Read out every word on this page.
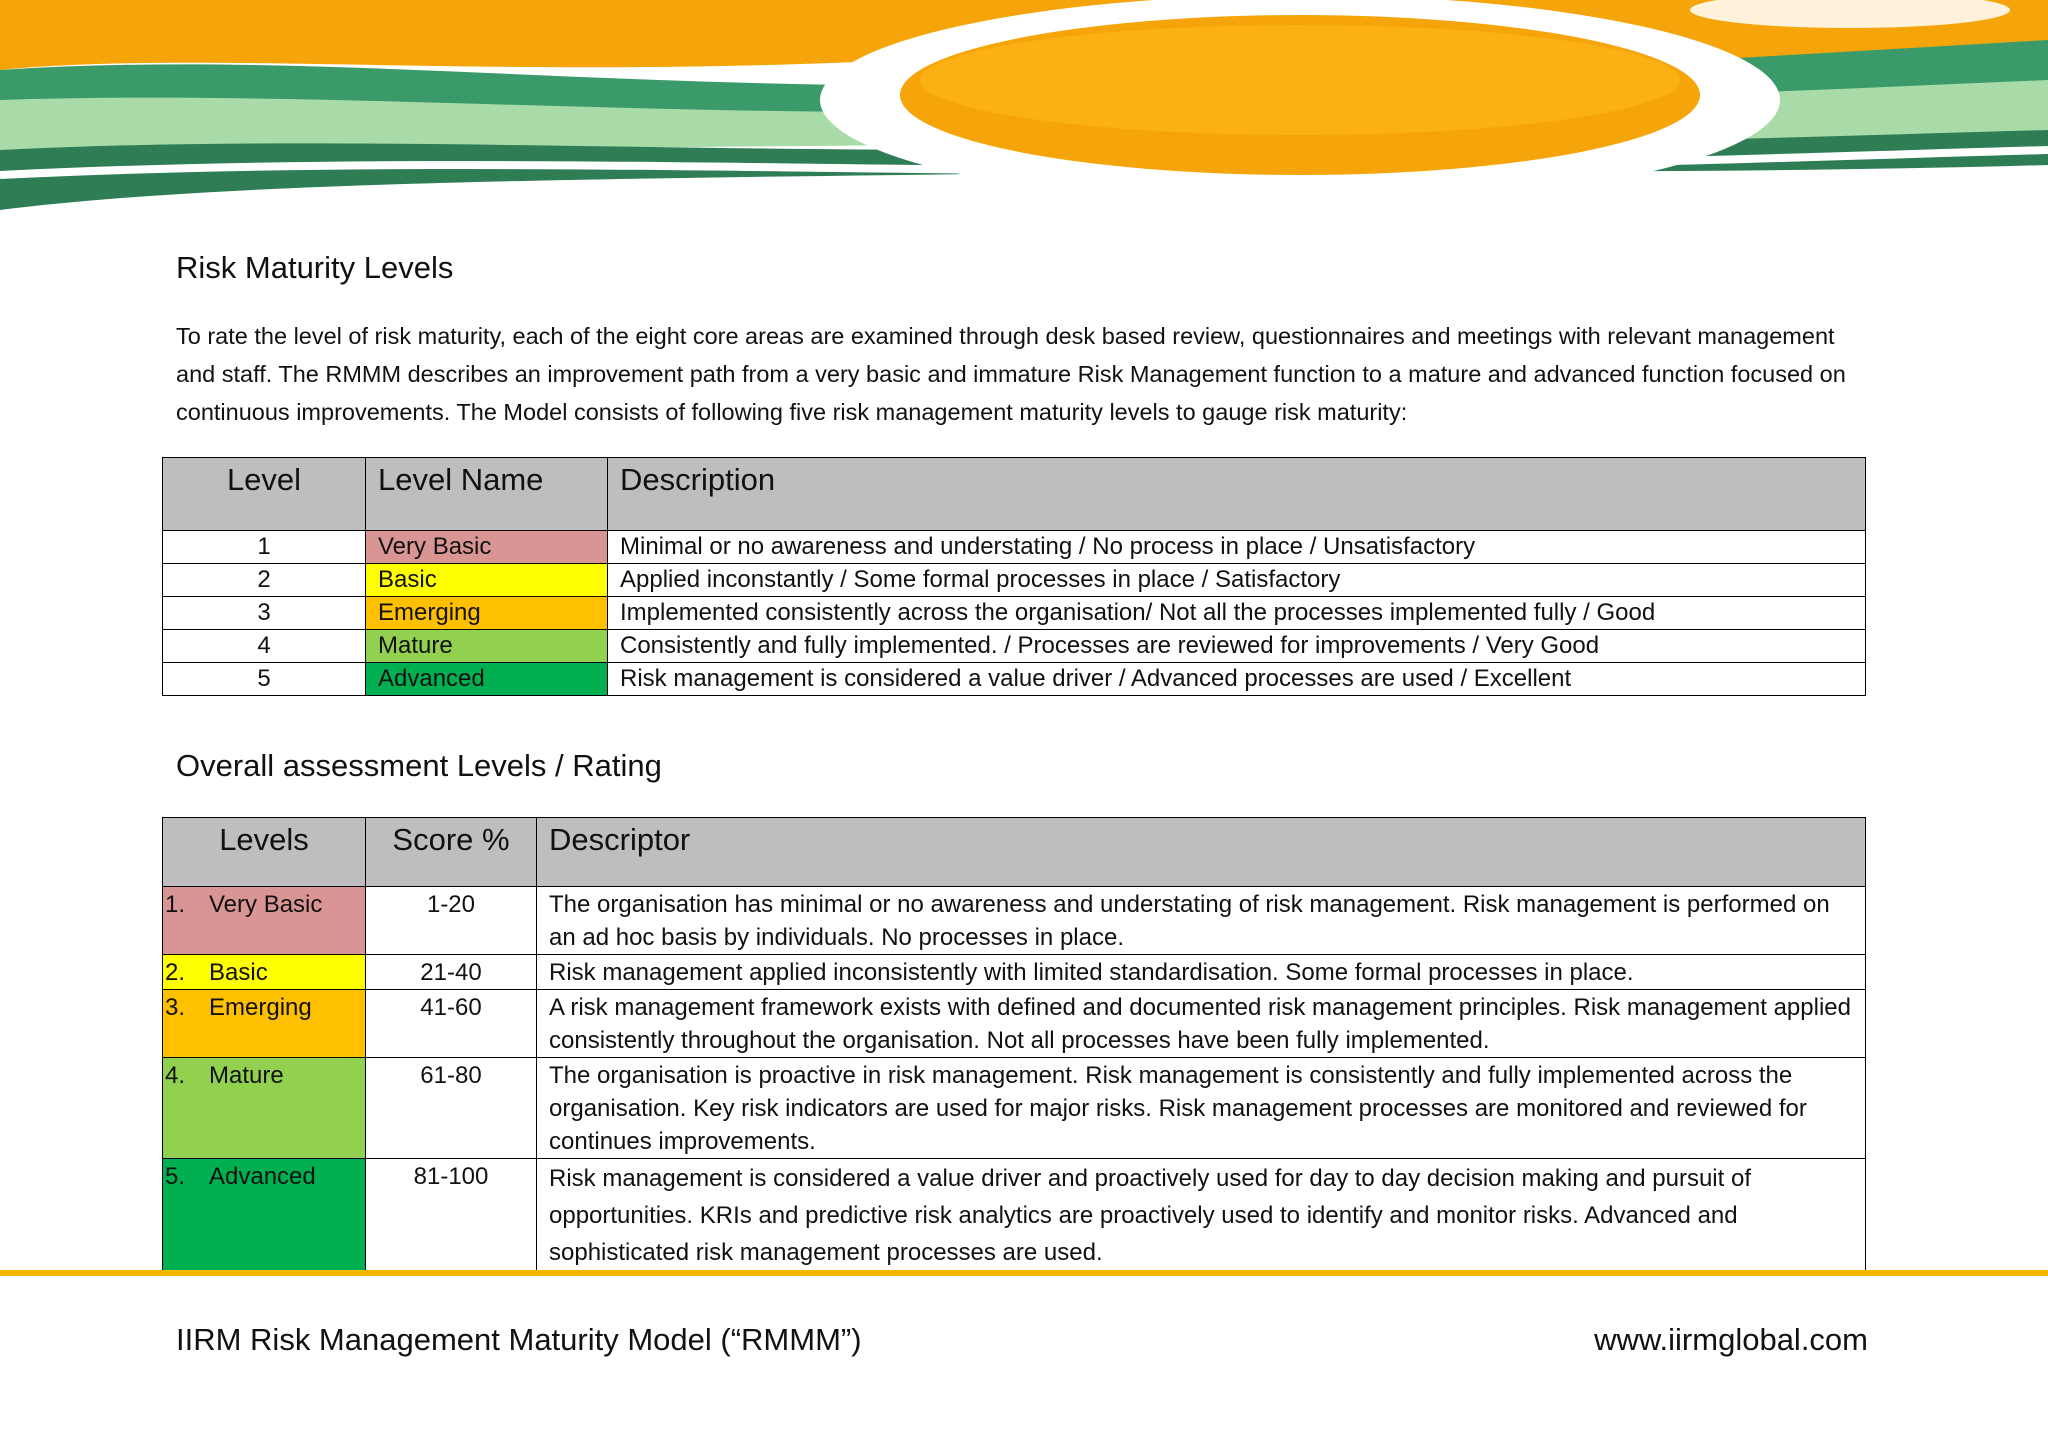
Risk Maturity Levels
To rate the level of risk maturity, each of the eight core areas are examined through desk based review, questionnaires and meetings with relevant management and staff. The RMMM describes an improvement path from a very basic and immature Risk Management function to a mature and advanced function focused on continuous improvements. The Model consists of following five risk management maturity levels to gauge risk maturity:
Level	Level Name	Description
1	Very Basic	Minimal or no awareness and understating / No process in place / Unsatisfactory
2	Basic	Applied inconstantly / Some formal processes in place / Satisfactory
3	Emerging	Implemented consistently across the organisation/ Not all the processes implemented fully / Good
4	Mature	Consistently and fully implemented. / Processes are reviewed for improvements / Very Good
5	Advanced	Risk management is considered a value driver / Advanced processes are used / Excellent
Overall assessment Levels / Rating
Levels	Score %	Descriptor
1. Very Basic	1-20	The organisation has minimal or no awareness and understating of risk management. Risk management is performed on an ad hoc basis by individuals. No processes in place.
2. Basic	21-40	Risk management applied inconsistently with limited standardisation. Some formal processes in place.
3. Emerging	41-60	A risk management framework exists with defined and documented risk management principles. Risk management applied consistently throughout the organisation. Not all processes have been fully implemented.
4. Mature	61-80	The organisation is proactive in risk management. Risk management is consistently and fully implemented across the organisation. Key risk indicators are used for major risks. Risk management processes are monitored and reviewed for continues improvements.
5. Advanced	81-100	Risk management is considered a value driver and proactively used for day to day decision making and pursuit of opportunities. KRIs and predictive risk analytics are proactively used to identify and monitor risks. Advanced and sophisticated risk management processes are used.
IIRM Risk Management Maturity Model (“RMMM”)	www.iirmglobal.com
